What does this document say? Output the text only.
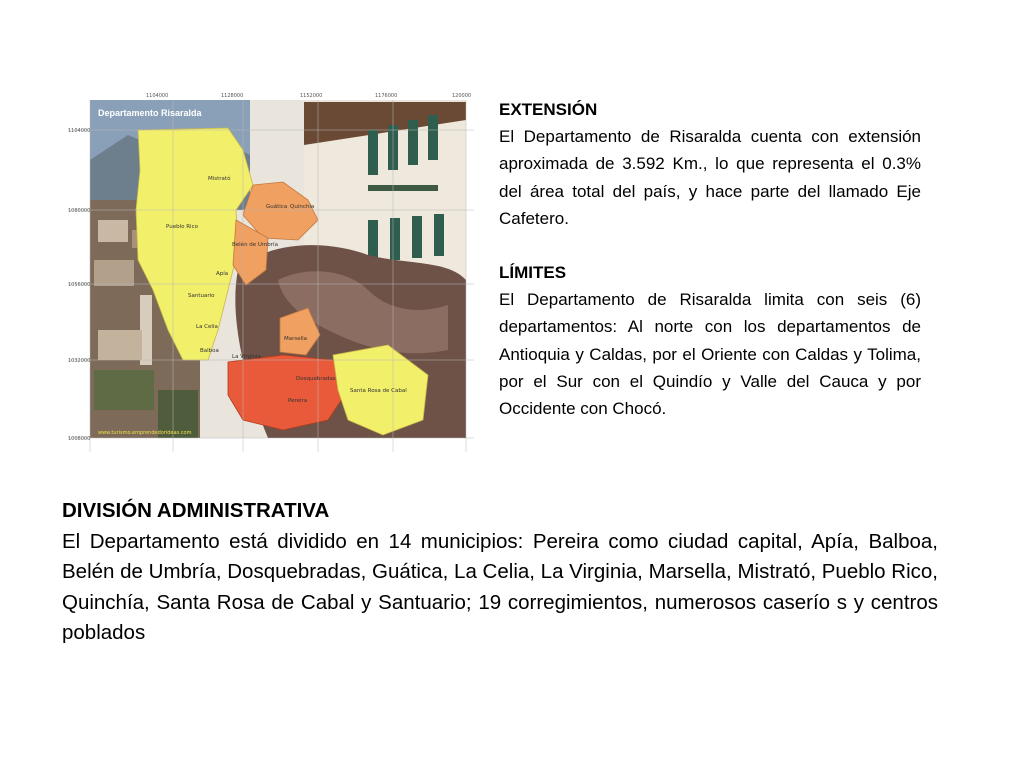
1104000	1128000	1152000	1176000	120000
1104000
1080000
1056000
1032000
1008000
Departamento Risaralda
www.turismo.emprendedorideas.com
Mistrató
Quinchía
Guática
Pueblo Rico
Belén de Umbría
Apía
Santuario
La Celia
Marsella
Balboa
La Virginia
Dosquebradas
Santa Rosa de Cabal
Pereira
EXTENSIÓN

El Departamento de Risaralda cuenta con extensión aproximada de 3.592 Km., lo que representa el 0.3% del área total del país, y hace parte del llamado Eje Cafetero.

LÍMITES

El Departamento de Risaralda limita con seis (6) departamentos: Al norte con los departamentos de Antioquia y Caldas, por el Oriente con Caldas y Tolima, por el Sur con el Quindío y Valle del Cauca y por Occidente con Chocó.

DIVISIÓN ADMINISTRATIVA

El Departamento está dividido en 14 municipios: Pereira como ciudad capital, Apía, Balboa, Belén de Umbría, Dosquebradas, Guática, La Celia, La Virginia, Marsella, Mistrató, Pueblo Rico, Quinchía, Santa Rosa de Cabal y Santuario; 19 corregimientos, numerosos caserío s y centros poblados
